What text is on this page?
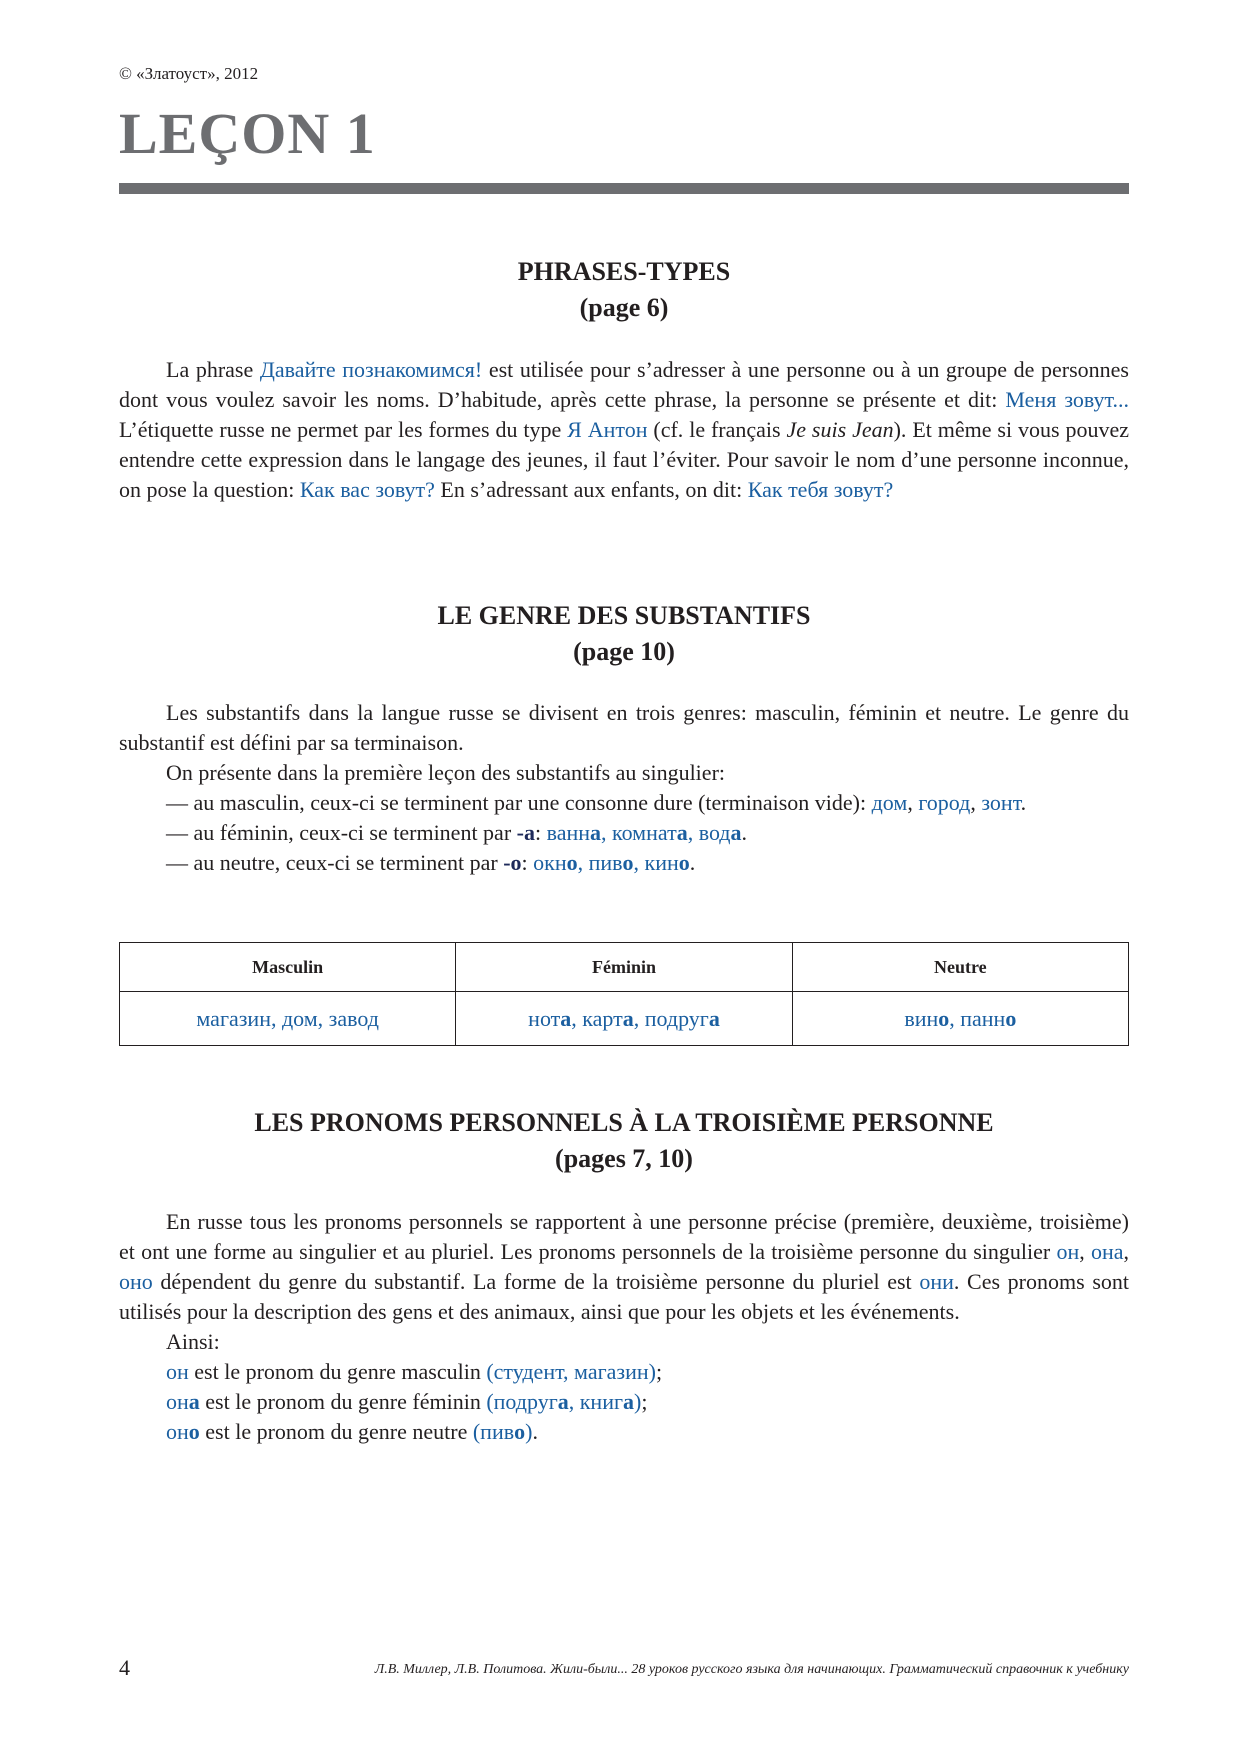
© «Златоуст», 2012
LEÇON 1
PHRASES-TYPES
(page 6)

La phrase Давайте познакомимся! est utilisée pour s’adresser à une personne ou à un groupe de personnes dont vous voulez savoir les noms. D’habitude, après cette phrase, la personne se présente et dit: Меня зовут... L’étiquette russe ne permet par les formes du type Я Антон (cf. le français Je suis Jean). Et même si vous pouvez entendre cette expression dans le langage des jeunes, il faut l’éviter. Pour savoir le nom d’une personne inconnue, on pose la question: Как вас зовут? En s’adressant aux enfants, on dit: Как тебя зовут?

LE GENRE DES SUBSTANTIFS
(page 10)

Les substantifs dans la langue russe se divisent en trois genres: masculin, féminin et neutre. Le genre du substantif est défini par sa terminaison.

On présente dans la première leçon des substantifs au singulier:

— au masculin, ceux-ci se terminent par une consonne dure (terminaison vide): дом, город, зонт.

— au féminin, ceux-ci se terminent par -а: ванна, комната, вода.

— au neutre, ceux-ci se terminent par -о: окно, пиво, кино.

Masculin	Féminin	Neutre
магазин, дом, завод	нота, карта, подруга	вино, панно
LES PRONOMS PERSONNELS À LA TROISIÈME PERSONNE
(pages 7, 10)

En russe tous les pronoms personnels se rapportent à une personne précise (première, deuxième, troisième) et ont une forme au singulier et au pluriel. Les pronoms personnels de la troisième personne du singulier он, она, оно dépendent du genre du substantif. La forme de la troisième personne du pluriel est они. Ces pronoms sont utilisés pour la description des gens et des animaux, ainsi que pour les objets et les événements.

Ainsi:

он est le pronom du genre masculin (студент, магазин);

она est le pronom du genre féminin (подруга, книга);

оно est le pronom du genre neutre (пиво).

4	Л.В. Миллер, Л.В. Политова. Жили-были... 28 уроков русского языка для начинающих. Грамматический справочник к учебнику
